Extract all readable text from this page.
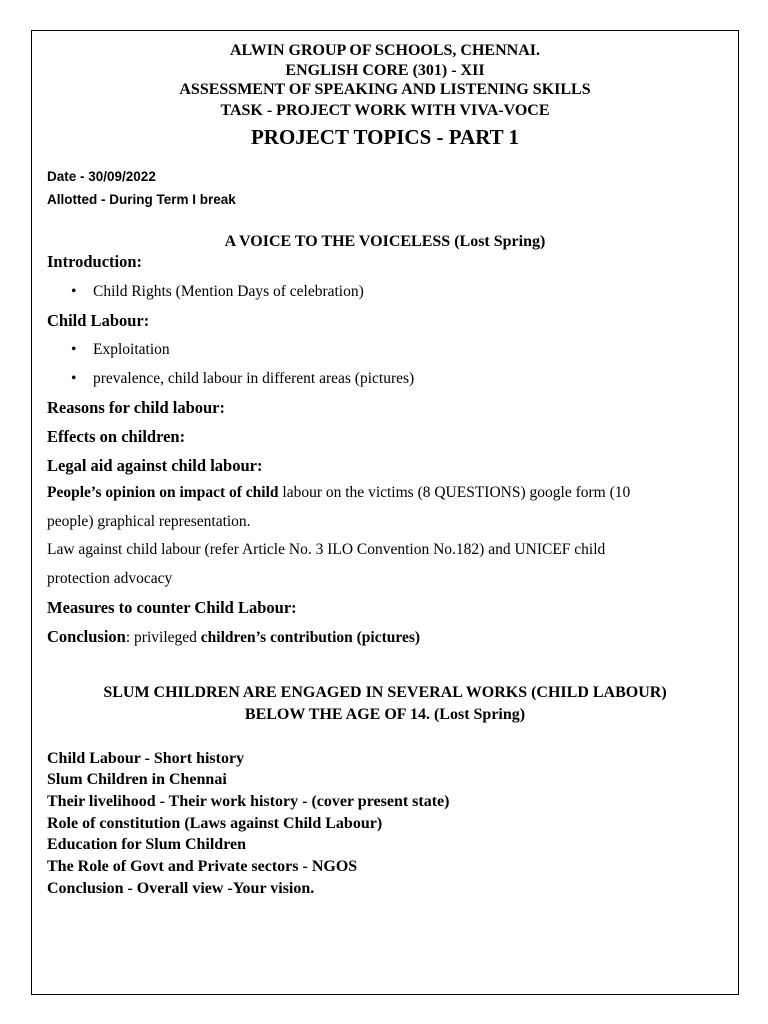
ALWIN GROUP OF SCHOOLS, CHENNAI.
ENGLISH CORE (301) - XII
ASSESSMENT OF SPEAKING AND LISTENING SKILLS
TASK - PROJECT WORK WITH VIVA-VOCE
PROJECT TOPICS - PART 1
Date - 30/09/2022
Allotted - During Term I break
A VOICE TO THE VOICELESS (Lost Spring)
Introduction:
• Child Rights (Mention Days of celebration)
Child Labour:
• Exploitation
• prevalence, child labour in different areas (pictures)
Reasons for child labour:
Effects on children:
Legal aid against child labour:
People’s opinion on impact of child labour on the victims (8 QUESTIONS) google form (10
people) graphical representation.
Law against child labour (refer Article No. 3 ILO Convention No.182) and UNICEF child
protection advocacy
Measures to counter Child Labour:
Conclusion: privileged children’s contribution (pictures)
SLUM CHILDREN ARE ENGAGED IN SEVERAL WORKS (CHILD LABOUR)
BELOW THE AGE OF 14. (Lost Spring)
Child Labour - Short history
Slum Children in Chennai
Their livelihood - Their work history - (cover present state)
Role of constitution (Laws against Child Labour)
Education for Slum Children
The Role of Govt and Private sectors - NGOS
Conclusion - Overall view -Your vision.
